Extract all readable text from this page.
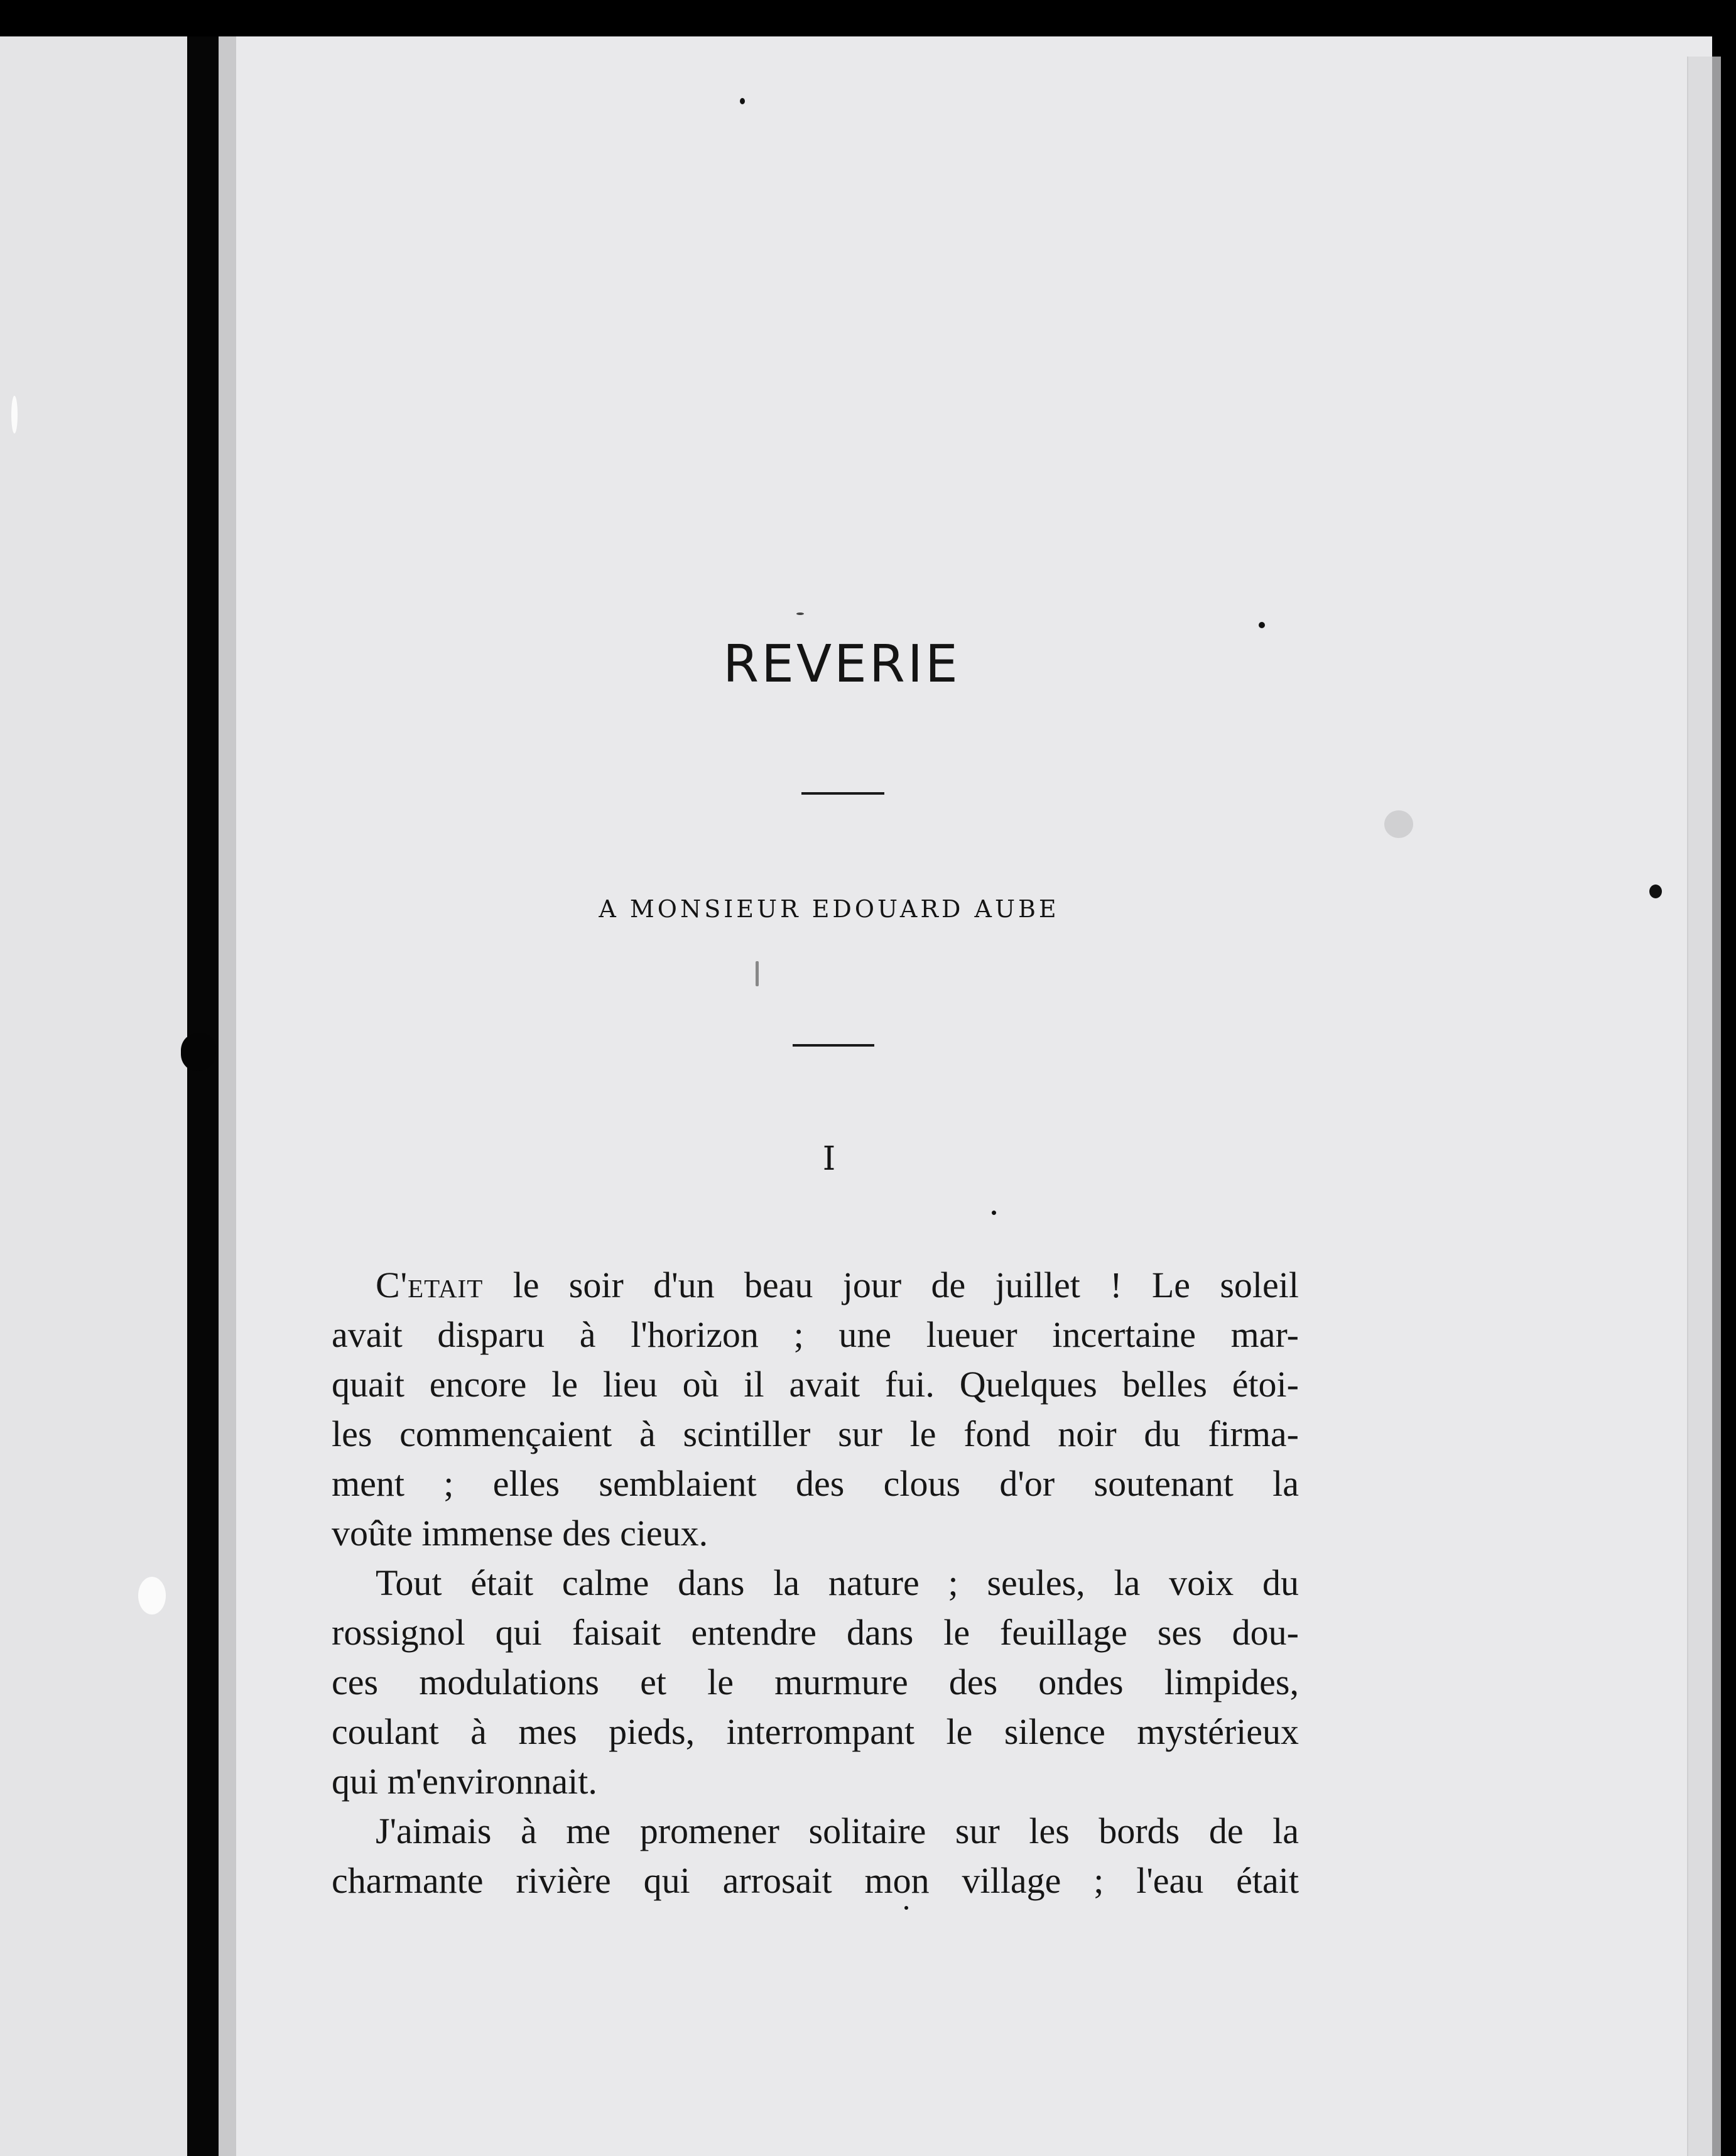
REVERIE

A MONSIEUR EDOUARD AUBE

I
C'etait le soir d'un beau jour de juillet ! Le soleil
avait disparu à l'horizon ; une lueuer incertaine mar-
quait encore le lieu où il avait fui. Quelques belles étoi-
les commençaient à scintiller sur le fond noir du firma-
ment ; elles semblaient des clous d'or soutenant la
voûte immense des cieux.
Tout était calme dans la nature ; seules, la voix du
rossignol qui faisait entendre dans le feuillage ses dou-
ces modulations et le murmure des ondes limpides,
coulant à mes pieds, interrompant le silence mystérieux
qui m'environnait.
J'aimais à me promener solitaire sur les bords de la
charmante rivière qui arrosait mon village ; l'eau était
